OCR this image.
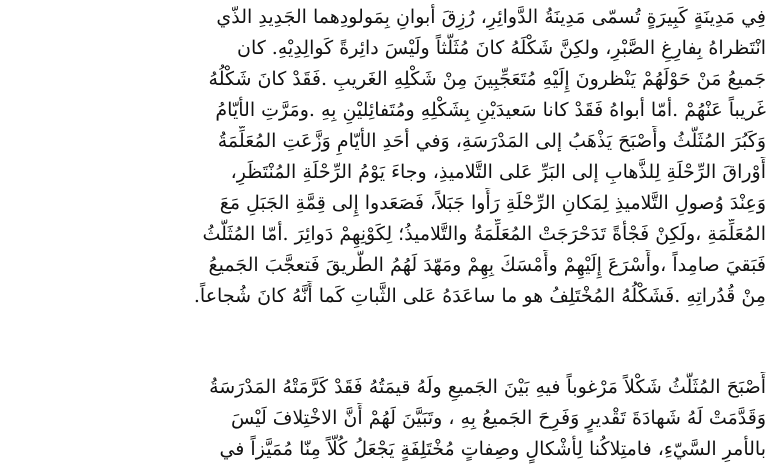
فِي مَدِينَةٍ كَبِيرَةٍ تُسمّى مَدِينَةُ الدَّوائِرِ، رُزِقَ أبوانِ بِمَولودِهما الجَدِيدِ الذّي
انْتَظراهُ بِفارِغِ الصَّبْرِ، ولكِنَّ شَكْلَهُ كانَ مُثَلَّثاً ولَيْسَ دائِرةً كَوالِدِيْهِ. كان
جَميعُ مَنْ حَوْلَهُمْ يَنْظرونَ إِلَيْهِ مُتَعَجِّبِينَ مِنْ شَكْلِهِ الغَريبِ .فَقَدْ كانَ شَكْلُهُ
غَريباً عَنْهُمْ .أمّا أبواهُ فَقَدْ كانا سَعيدَيْنِ بِشَكْلِهِ ومُتَفائِليْنِ بِهِ .ومَرَّتِ الأيّامُ
وَكَبُرَ المُثَلَّثُ وأَصْبَحَ يَذْهَبُ إلى المَدْرَسَةِ، وَفي أحَدِ الأيّامِ وَزَّعَتِ المُعَلِّمَةُ
أَوْراقَ الرِّحْلَةِ لِلذَّهابِ إلى البَرِّ عَلى التَّلاميذِ، وجاءَ يَوْمُ الرِّحْلَةِ المُنْتَظَرِ،
وَعِنْدَ وُصولِ التَّلاميذِ لِمَكانِ الرِّحْلَةِ رَأَوا جَبَلاً، فَصَعَدوا إِلى قِمَّةِ الجَبَلِ مَعَ
المُعَلِّمَةِ ،ولَكِنْ فَجْأَةً تَدَحْرَجَتْ المُعَلِّمَةُ والتَّلاميذُ؛ لِكَوْنِهِمْ دَوائِرَ .أمّا المُثَلَّثُ
فَبَقيَ صامِداً ،وأَسْرَعَ إِلَيْهِمْ وأَمْسَكَ بِهِمْ ومَهّدَ لَهُمُ الطَّريقَ فَتعجَّبَ الجَميعُ
مِنْ قُدُراتِهِ .فَشَكْلُهُ المُخْتَلِفُ هو ما ساعَدَهُ عَلى الثَّباتِ كَما أَنَّهُ كانَ شُجاعاً.
أَصْبَحَ المُثَلَّثُ شَكْلاً مَرْغوباً فيهِ بَيْنَ الجَميعِ ولَهُ قيمَتُهُ فَقَدْ كَرَّمَتْهُ المَدْرَسَةُ
وَقَدَّمَتْ لَهُ شَهادَةَ تَقْديرٍ وَفَرِحَ الجَميعُ بِهِ ، وتَبَيَّنَ لَهُمْ أَنَّ الاخْتِلافَ لَيْسَ
بالأمرِ السَّيّءِ، فامتِلاكُنا لِأَشْكالٍ وصِفاتٍ مُخْتَلِفَةٍ يَجْعَلُ كُلّاً مِنّا مُمَيَّزاً في
